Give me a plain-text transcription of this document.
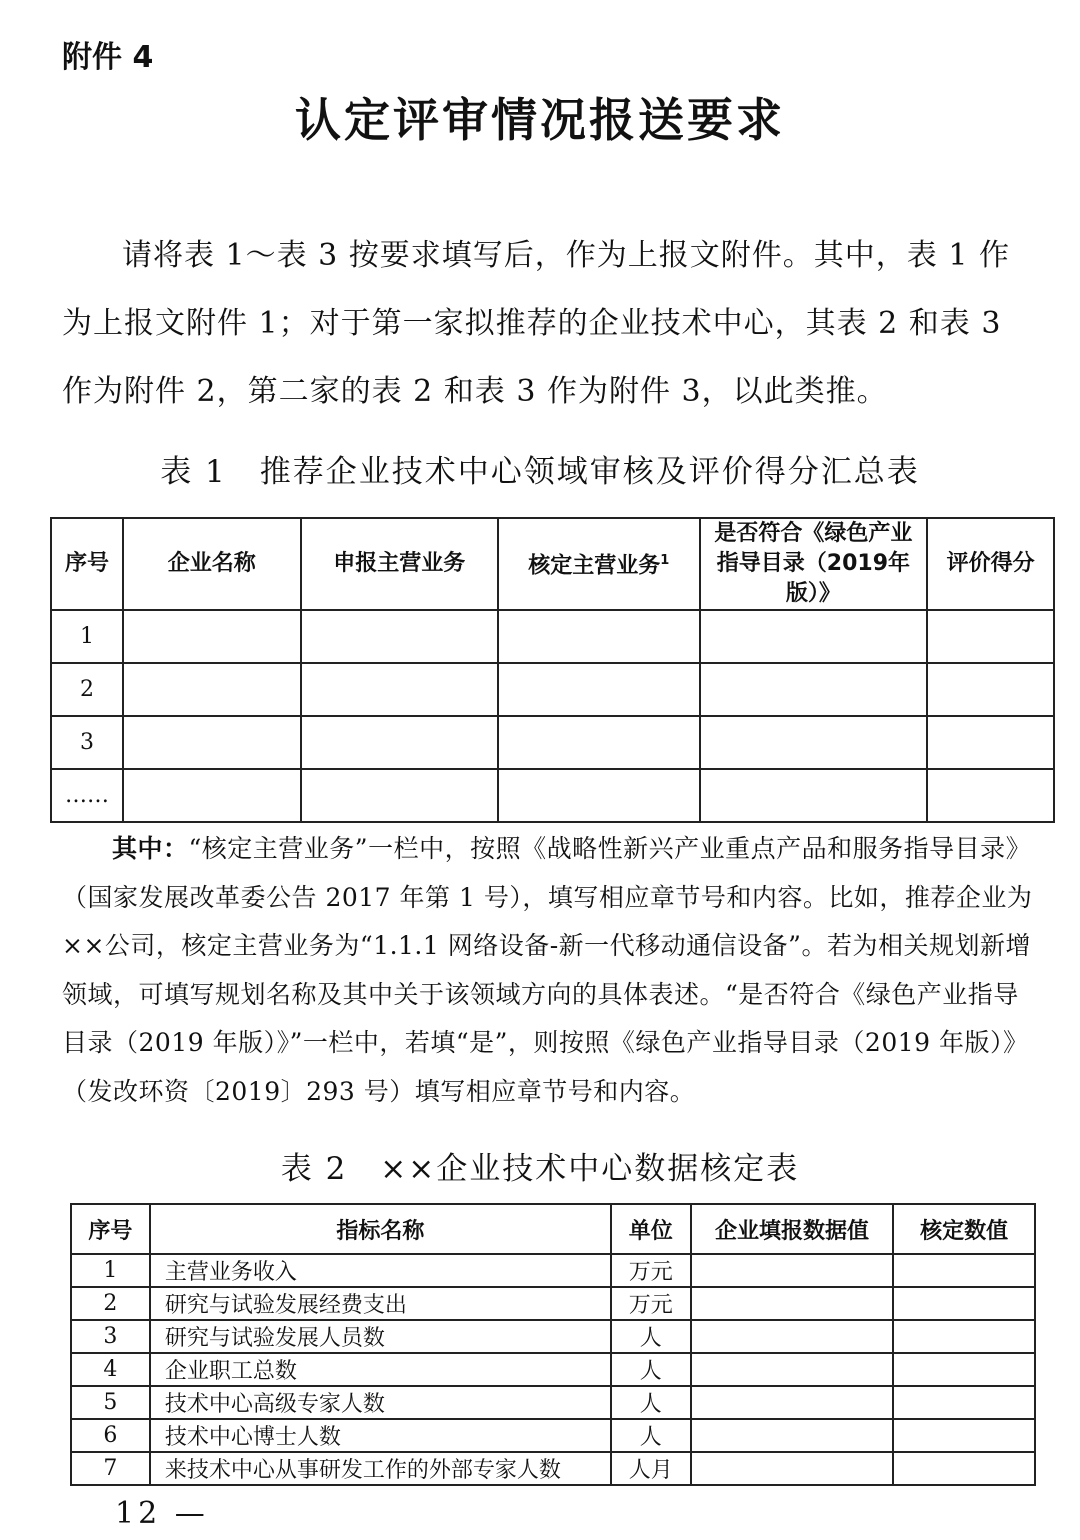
附件 4
认定评审情况报送要求

请将表 1～表 3 按要求填写后，作为上报文附件。其中，表 1 作为上报文附件 1；对于第一家拟推荐的企业技术中心，其表 2 和表 3 作为附件 2，第二家的表 2 和表 3 作为附件 3，以此类推。

表 1　推荐企业技术中心领域审核及评价得分汇总表
序号	企业名称	申报主营业务	核定主营业务$^1$	是否符合《绿色产业指导目录（2019年版）》	评价得分
1					
2					
3					
……					

其中：“核定主营业务”一栏中，按照《战略性新兴产业重点产品和服务指导目录》（国家发展改革委公告 2017 年第 1 号），填写相应章节号和内容。比如，推荐企业为××公司，核定主营业务为“1.1.1 网络设备-新一代移动通信设备”。若为相关规划新增领域，可填写规划名称及其中关于该领域方向的具体表述。“是否符合《绿色产业指导目录（2019 年版）》”一栏中，若填“是”，则按照《绿色产业指导目录（2019 年版）》（发改环资〔2019〕293 号）填写相应章节号和内容。

表 2　××企业技术中心数据核定表
序号	指标名称	单位	企业填报数据值	核定数值
1	主营业务收入	万元		
2	研究与试验发展经费支出	万元		
3	研究与试验发展人员数	人		
4	企业职工总数	人		
5	技术中心高级专家人数	人		
6	技术中心博士人数	人		
7	来技术中心从事研发工作的外部专家人数	人月		
12 —
